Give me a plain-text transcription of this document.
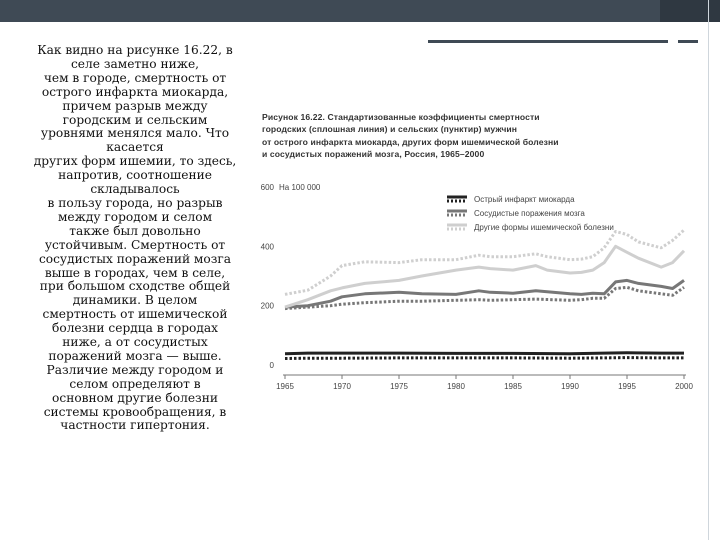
Как видно на рисунке 16.22, в
селе заметно ниже,
чем в городе, смертность от
острого инфаркта миокарда,
причем разрыв между
городским и сельским
уровнями менялся мало. Что
касается
других форм ишемии, то здесь,
напротив, соотношение
складывалось
в пользу города, но разрыв
между городом и селом
также был довольно
устойчивым. Смертность от
сосудистых поражений мозга
выше в городах, чем в селе,
при большом сходстве общей
динамики. В целом
смертность от ишемической
болезни сердца в городах
ниже, а от сосудистых
поражений мозга — выше.
Различие между городом и
селом определяют в
основном другие болезни
системы кровообращения, в
частности гипертония.
Рисунок 16.22. Стандартизованные коэффициенты смертности
городских (сплошная линия) и сельских (пунктир) мужчин
от острого инфаркта миокарда, других форм ишемической болезни
и сосудистых поражений мозга, Россия, 1965–2000
0
200
400
600 На 100 000
Острый инфаркт миокарда
Сосудистые поражения мозга
Другие формы ишемической болезни
1965	1970	1975	1980	1985	1990	1995	2000
